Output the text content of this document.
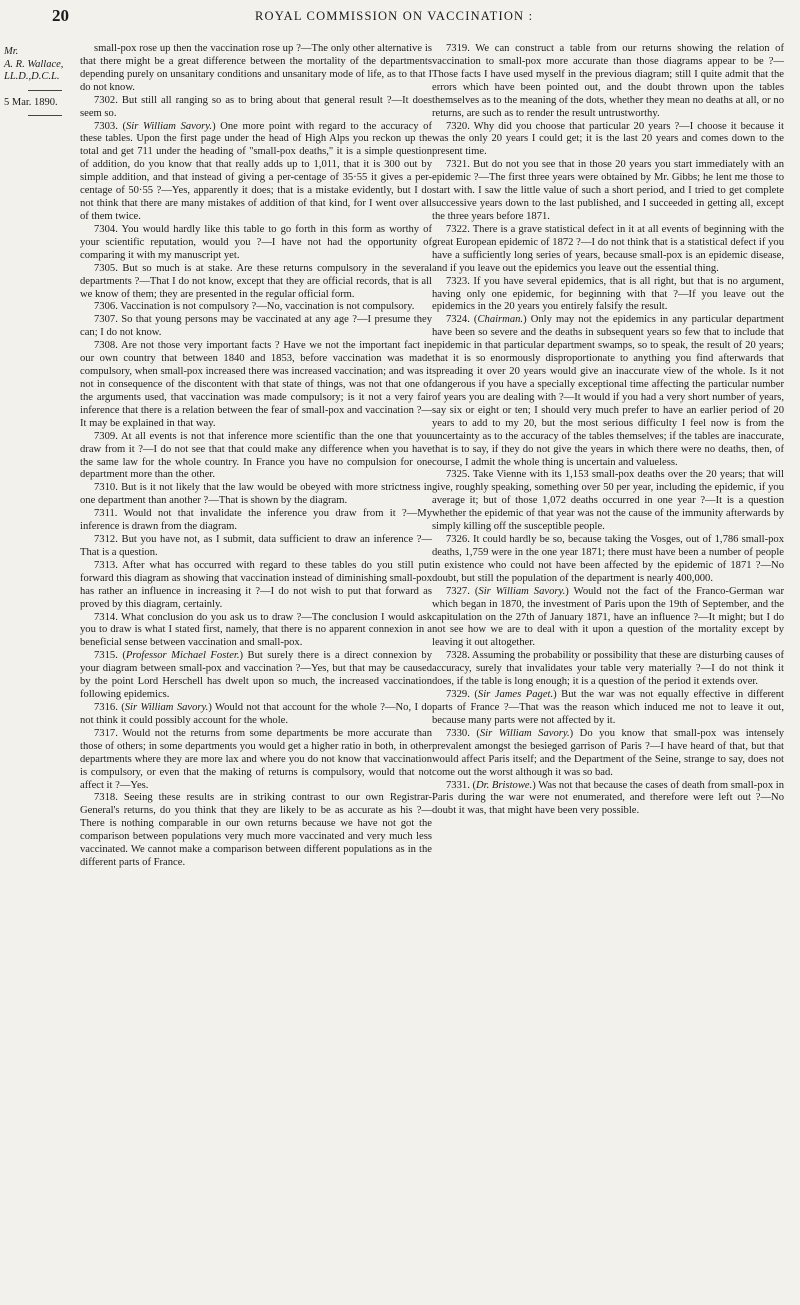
20	ROYAL COMMISSION ON VACCINATION :
Mr.
A. R. Wallace,
LL.D.,D.C.L.
5 Mar. 1890.

small-pox rose up then the vaccination rose up ?—The only other alternative is that there might be a great difference between the mortality of the departments depending purely on unsanitary conditions and unsanitary mode of life, as to that I do not know.

7302. But still all ranging so as to bring about that general result ?—It does seem so.

7303. (Sir William Savory.) One more point with regard to the accuracy of these tables. Upon the first page under the head of High Alps you reckon up the total and get 711 under the heading of "small-pox deaths," it is a simple question of addition, do you know that that really adds up to 1,011, that it is 300 out by simple addition, and that instead of giving a per-centage of 35·55 it gives a per-centage of 50·55 ?—Yes, apparently it does; that is a mistake evidently, but I do not think that there are many mistakes of addition of that kind, for I went over all of them twice.

7304. You would hardly like this table to go forth in this form as worthy of your scientific reputation, would you ?—I have not had the opportunity of comparing it with my manuscript yet.

7305. But so much is at stake. Are these returns compulsory in the several departments ?—That I do not know, except that they are official records, that is all we know of them; they are presented in the regular official form.

7306. Vaccination is not compulsory ?—No, vaccination is not compulsory.

7307. So that young persons may be vaccinated at any age ?—I presume they can; I do not know.

7308. Are not those very important facts ? Have we not the important fact in our own country that between 1840 and 1853, before vaccination was made compulsory, when small-pox increased there was increased vaccination; and was it not in consequence of the discontent with that state of things, was not that one of the arguments used, that vaccination was made compulsory; is it not a very fair inference that there is a relation between the fear of small-pox and vaccination ?—It may be explained in that way.

7309. At all events is not that inference more scientific than the one that you draw from it ?—I do not see that that could make any difference when you have the same law for the whole country. In France you have no compulsion for one department more than the other.

7310. But is it not likely that the law would be obeyed with more strictness in one department than another ?—That is shown by the diagram.

7311. Would not that invalidate the inference you draw from it ?—My inference is drawn from the diagram.

7312. But you have not, as I submit, data sufficient to draw an inference ?—That is a question.

7313. After what has occurred with regard to these tables do you still put forward this diagram as showing that vaccination instead of diminishing small-pox has rather an influence in increasing it ?—I do not wish to put that forward as proved by this diagram, certainly.

7314. What conclusion do you ask us to draw ?—The conclusion I would ask you to draw is what I stated first, namely, that there is no apparent connexion in a beneficial sense between vaccination and small-pox.

7315. (Professor Michael Foster.) But surely there is a direct connexion by your diagram between small-pox and vaccination ?—Yes, but that may be caused by the point Lord Herschell has dwelt upon so much, the increased vaccination following epidemics.

7316. (Sir William Savory.) Would not that account for the whole ?—No, I do not think it could possibly account for the whole.

7317. Would not the returns from some departments be more accurate than those of others; in some departments you would get a higher ratio in both, in other departments where they are more lax and where you do not know that vaccination is compulsory, or even that the making of returns is compulsory, would that not affect it ?—Yes.

7318. Seeing these results are in striking contrast to our own Registrar-General's returns, do you think that they are likely to be as accurate as his ?—There is nothing comparable in our own returns because we have not got the comparison between populations very much more vaccinated and very much less vaccinated. We cannot make a comparison between different populations as in the different parts of France.

7319. We can construct a table from our returns showing the relation of vaccination to small-pox more accurate than those diagrams appear to be ?—Those facts I have used myself in the previous diagram; still I quite admit that the errors which have been pointed out, and the doubt thrown upon the tables themselves as to the meaning of the dots, whether they mean no deaths at all, or no returns, are such as to render the result untrustworthy.

7320. Why did you choose that particular 20 years ?—I choose it because it was the only 20 years I could get; it is the last 20 years and comes down to the present time.

7321. But do not you see that in those 20 years you start immediately with an epidemic ?—The first three years were obtained by Mr. Gibbs; he lent me those to start with. I saw the little value of such a short period, and I tried to get complete successive years down to the last published, and I succeeded in getting all, except the three years before 1871.

7322. There is a grave statistical defect in it at all events of beginning with the great European epidemic of 1872 ?—I do not think that is a statistical defect if you have a sufficiently long series of years, because small-pox is an epidemic disease, and if you leave out the epidemics you leave out the essential thing.

7323. If you have several epidemics, that is all right, but that is no argument, having only one epidemic, for beginning with that ?—If you leave out the epidemics in the 20 years you entirely falsify the result.

7324. (Chairman.) Only may not the epidemics in any particular department have been so severe and the deaths in subsequent years so few that to include that epidemic in that particular department swamps, so to speak, the result of 20 years; that it is so enormously disproportionate to anything you find afterwards that spreading it over 20 years would give an inaccurate view of the whole. Is it not dangerous if you have a specially exceptional time affecting the particular number of years you are dealing with ?—It would if you had a very short number of years, say six or eight or ten; I should very much prefer to have an earlier period of 20 years to add to my 20, but the most serious difficulty I feel now is from the uncertainty as to the accuracy of the tables themselves; if the tables are inaccurate, that is to say, if they do not give the years in which there were no deaths, then, of course, I admit the whole thing is uncertain and valueless.

7325. Take Vienne with its 1,153 small-pox deaths over the 20 years; that will give, roughly speaking, something over 50 per year, including the epidemic, if you average it; but of those 1,072 deaths occurred in one year ?—It is a question whether the epidemic of that year was not the cause of the immunity afterwards by simply killing off the susceptible people.

7326. It could hardly be so, because taking the Vosges, out of 1,786 small-pox deaths, 1,759 were in the one year 1871; there must have been a number of people in existence who could not have been affected by the epidemic of 1871 ?—No doubt, but still the population of the department is nearly 400,000.

7327. (Sir William Savory.) Would not the fact of the Franco-German war which began in 1870, the investment of Paris upon the 19th of September, and the capitulation on the 27th of January 1871, have an influence ?—It might; but I do not see how we are to deal with it upon a question of the mortality except by leaving it out altogether.

7328. Assuming the probability or possibility that these are disturbing causes of accuracy, surely that invalidates your table very materially ?—I do not think it does, if the table is long enough; it is a question of the period it extends over.

7329. (Sir James Paget.) But the war was not equally effective in different parts of France ?—That was the reason which induced me not to leave it out, because many parts were not affected by it.

7330. (Sir William Savory.) Do you know that small-pox was intensely prevalent amongst the besieged garrison of Paris ?—I have heard of that, but that would affect Paris itself; and the Department of the Seine, strange to say, does not come out the worst although it was so bad.

7331. (Dr. Bristowe.) Was not that because the cases of death from small-pox in Paris during the war were not enumerated, and therefore were left out ?—No doubt it was, that might have been very possible.
